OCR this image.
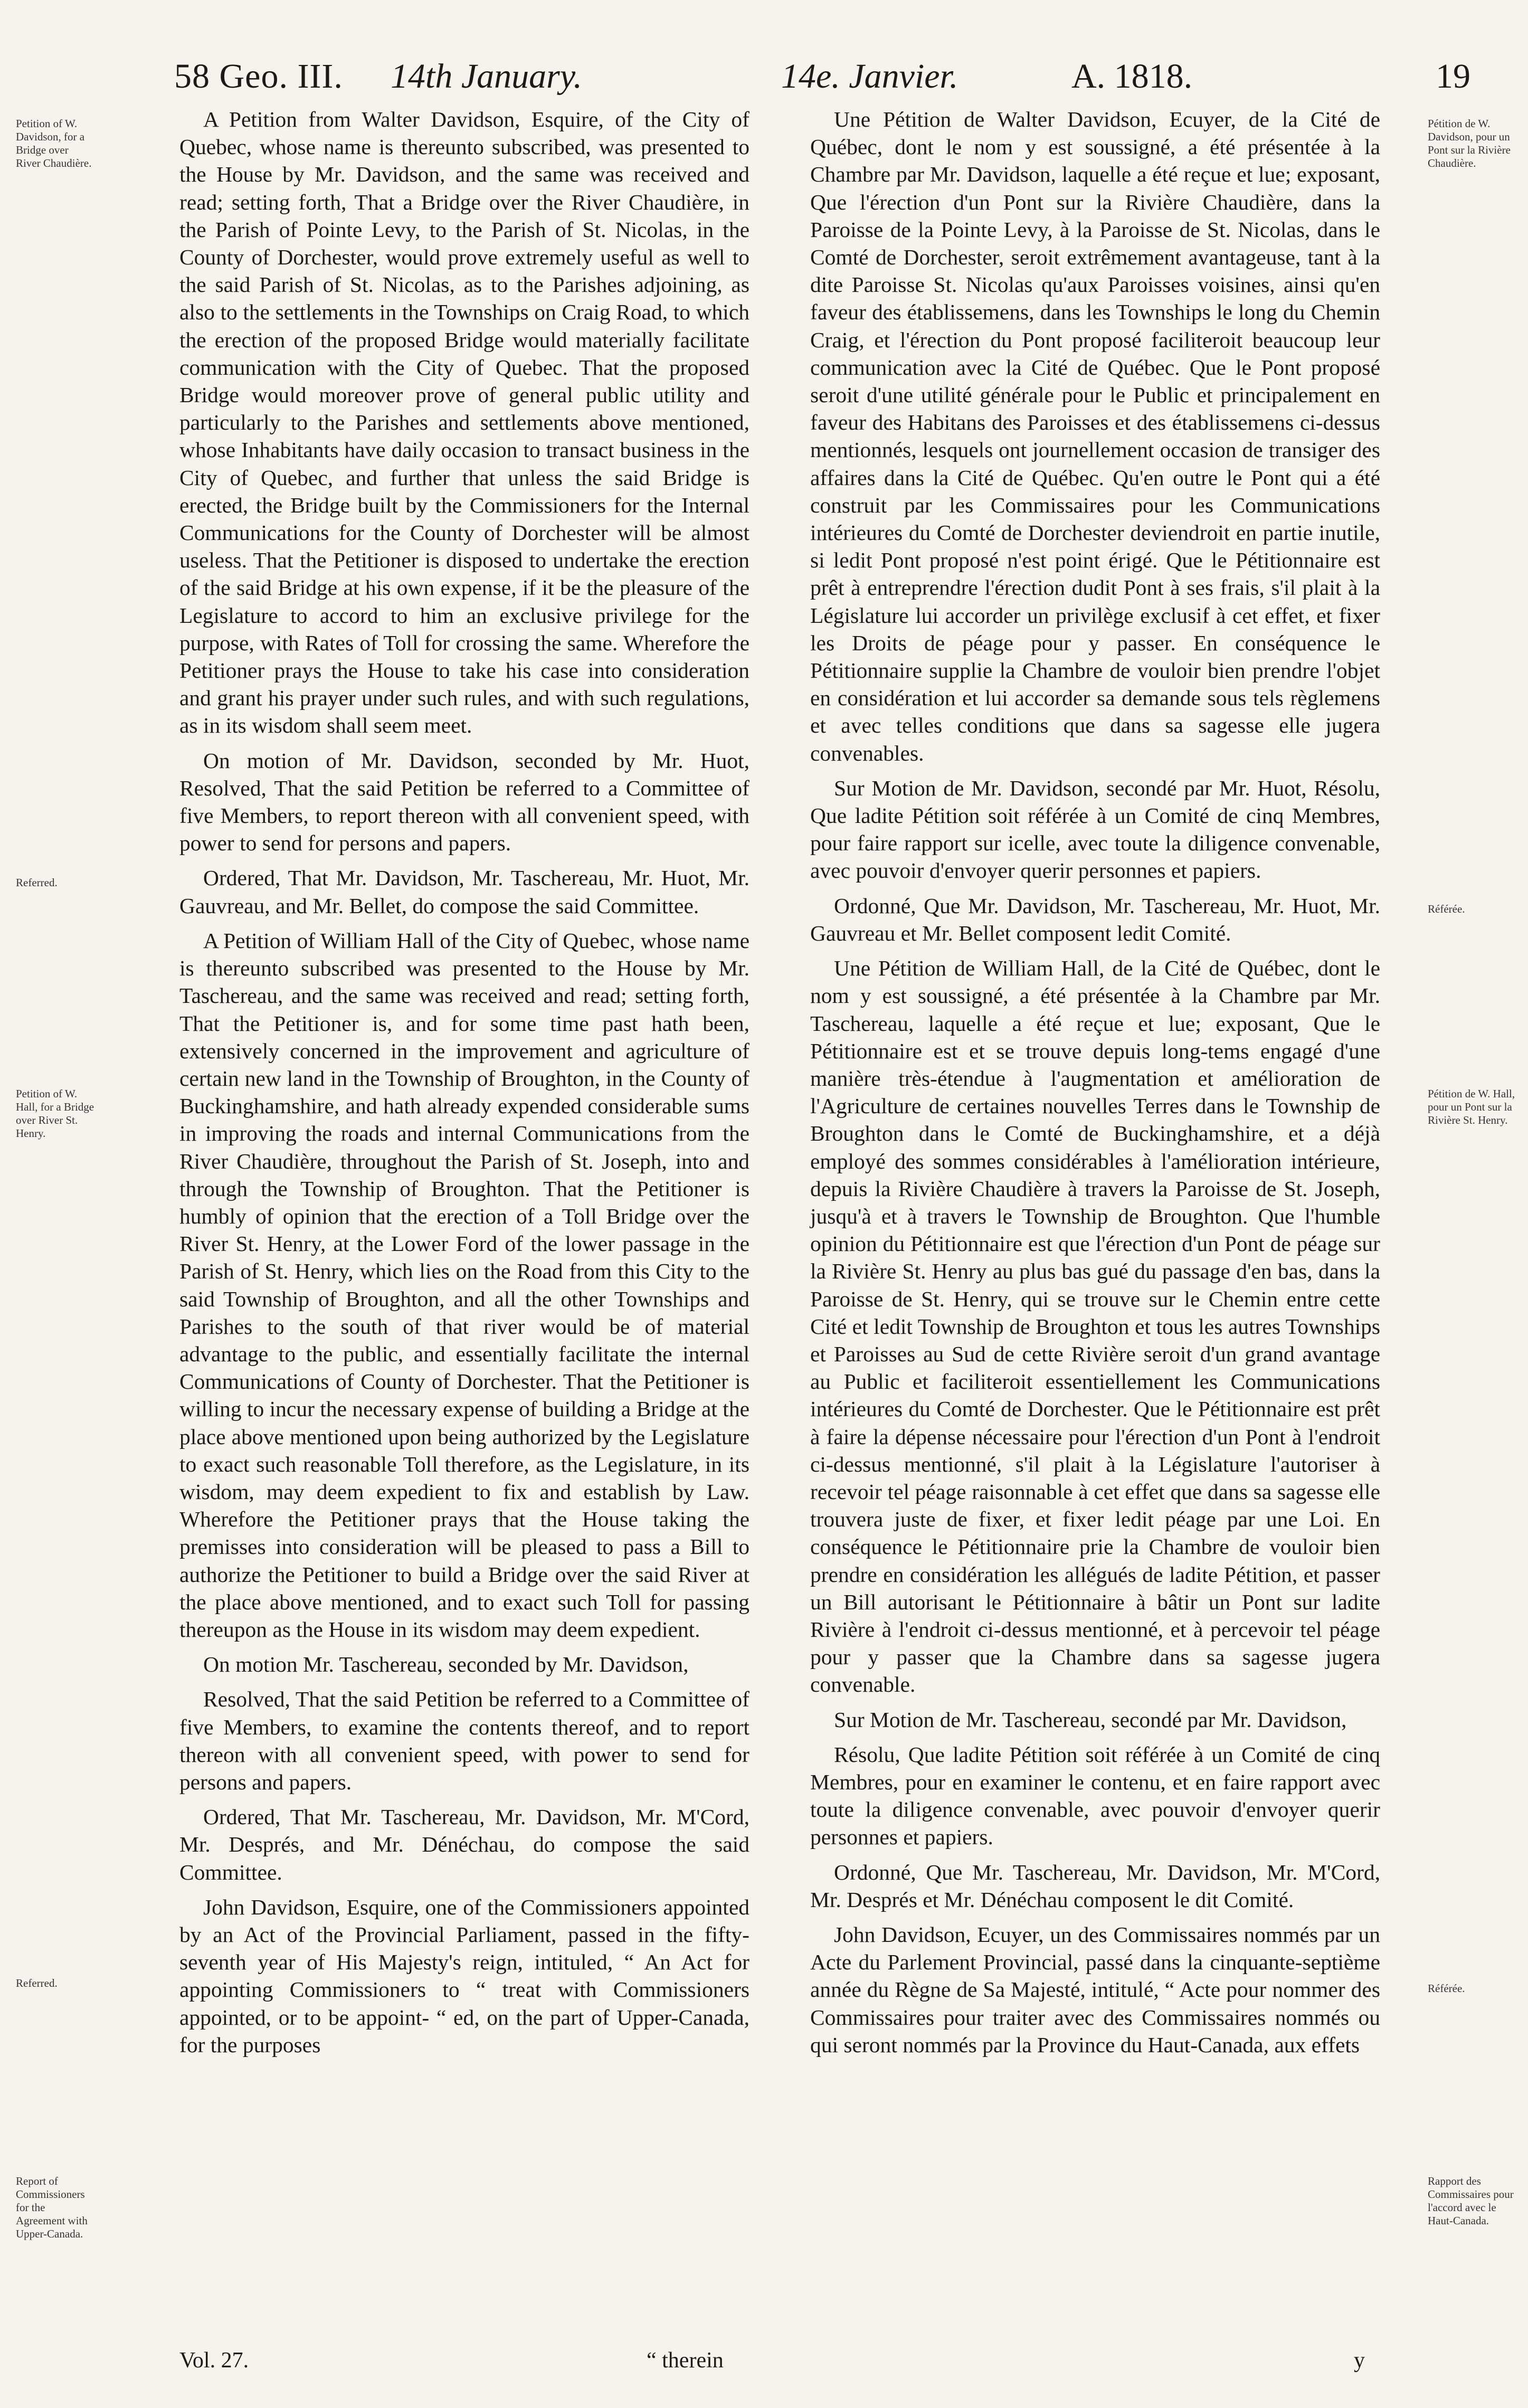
58 Geo. III. 14th January.	14e. Janvier.	A. 1818.	19

A Petition from Walter Davidson, Esquire, of the City of Quebec, whose name is thereunto subscribed, was presented to the House by Mr. Davidson, and the same was received and read; setting forth, That a Bridge over the River Chaudière, in the Parish of Pointe Levy, to the Parish of St. Nicolas, in the County of Dorchester, would prove extremely useful as well to the said Parish of St. Nicolas, as to the Parishes adjoining, as also to the settlements in the Townships on Craig Road, to which the erection of the proposed Bridge would materially facilitate communication with the City of Quebec. That the proposed Bridge would moreover prove of general public utility and particularly to the Parishes and settlements above mentioned, whose Inhabitants have daily occasion to transact business in the City of Quebec, and further that unless the said Bridge is erected, the Bridge built by the Commissioners for the Internal Communications for the County of Dorchester will be almost useless. That the Petitioner is disposed to undertake the erection of the said Bridge at his own expense, if it be the pleasure of the Legislature to accord to him an exclusive privilege for the purpose, with Rates of Toll for crossing the same. Wherefore the Petitioner prays the House to take his case into consideration and grant his prayer under such rules, and with such regulations, as in its wisdom shall seem meet.

On motion of Mr. Davidson, seconded by Mr. Huot, Resolved, That the said Petition be referred to a Committee of five Members, to report thereon with all convenient speed, with power to send for persons and papers.

Ordered, That Mr. Davidson, Mr. Taschereau, Mr. Huot, Mr. Gauvreau, and Mr. Bellet, do compose the said Committee.

A Petition of William Hall of the City of Quebec, whose name is thereunto subscribed was presented to the House by Mr. Taschereau, and the same was received and read; setting forth, That the Petitioner is, and for some time past hath been, extensively concerned in the improvement and agriculture of certain new land in the Township of Broughton, in the County of Buckinghamshire, and hath already expended considerable sums in improving the roads and internal Communications from the River Chaudière, throughout the Parish of St. Joseph, into and through the Township of Broughton. That the Petitioner is humbly of opinion that the erection of a Toll Bridge over the River St. Henry, at the Lower Ford of the lower passage in the Parish of St. Henry, which lies on the Road from this City to the said Township of Broughton, and all the other Townships and Parishes to the south of that river would be of material advantage to the public, and essentially facilitate the internal Communications of County of Dorchester. That the Petitioner is willing to incur the necessary expense of building a Bridge at the place above mentioned upon being authorized by the Legislature to exact such reasonable Toll therefore, as the Legislature, in its wisdom, may deem expedient to fix and establish by Law. Wherefore the Petitioner prays that the House taking the premisses into consideration will be pleased to pass a Bill to authorize the Petitioner to build a Bridge over the said River at the place above mentioned, and to exact such Toll for passing thereupon as the House in its wisdom may deem expedient.

On motion Mr. Taschereau, seconded by Mr. Davidson,

Resolved, That the said Petition be referred to a Committee of five Members, to examine the contents thereof, and to report thereon with all convenient speed, with power to send for persons and papers.

Ordered, That Mr. Taschereau, Mr. Davidson, Mr. M'Cord, Mr. Després, and Mr. Dénéchau, do compose the said Committee.

John Davidson, Esquire, one of the Commissioners appointed by an Act of the Provincial Parliament, passed in the fifty-seventh year of His Majesty's reign, intituled, “ An Act for appointing Commissioners to “ treat with Commissioners appointed, or to be appoint- “ ed, on the part of Upper-Canada, for the purposes

Une Pétition de Walter Davidson, Ecuyer, de la Cité de Québec, dont le nom y est soussigné, a été présentée à la Chambre par Mr. Davidson, laquelle a été reçue et lue; exposant, Que l'érection d'un Pont sur la Rivière Chaudière, dans la Paroisse de la Pointe Levy, à la Paroisse de St. Nicolas, dans le Comté de Dorchester, seroit extrêmement avantageuse, tant à la dite Paroisse St. Nicolas qu'aux Paroisses voisines, ainsi qu'en faveur des établissemens, dans les Townships le long du Chemin Craig, et l'érection du Pont proposé faciliteroit beaucoup leur communication avec la Cité de Québec. Que le Pont proposé seroit d'une utilité générale pour le Public et principalement en faveur des Habitans des Paroisses et des établissemens ci-dessus mentionnés, lesquels ont journellement occasion de transiger des affaires dans la Cité de Québec. Qu'en outre le Pont qui a été construit par les Commissaires pour les Communications intérieures du Comté de Dorchester deviendroit en partie inutile, si ledit Pont proposé n'est point érigé. Que le Pétitionnaire est prêt à entreprendre l'érection dudit Pont à ses frais, s'il plait à la Législature lui accorder un privilège exclusif à cet effet, et fixer les Droits de péage pour y passer. En conséquence le Pétitionnaire supplie la Chambre de vouloir bien prendre l'objet en considération et lui accorder sa demande sous tels règlemens et avec telles conditions que dans sa sagesse elle jugera convenables.

Sur Motion de Mr. Davidson, secondé par Mr. Huot, Résolu, Que ladite Pétition soit référée à un Comité de cinq Membres, pour faire rapport sur icelle, avec toute la diligence convenable, avec pouvoir d'envoyer querir personnes et papiers.

Ordonné, Que Mr. Davidson, Mr. Taschereau, Mr. Huot, Mr. Gauvreau et Mr. Bellet composent ledit Comité.

Une Pétition de William Hall, de la Cité de Québec, dont le nom y est soussigné, a été présentée à la Chambre par Mr. Taschereau, laquelle a été reçue et lue; exposant, Que le Pétitionnaire est et se trouve depuis long-tems engagé d'une manière très-étendue à l'augmentation et amélioration de l'Agriculture de certaines nouvelles Terres dans le Township de Broughton dans le Comté de Buckinghamshire, et a déjà employé des sommes considérables à l'amélioration intérieure, depuis la Rivière Chaudière à travers la Paroisse de St. Joseph, jusqu'à et à travers le Township de Broughton. Que l'humble opinion du Pétitionnaire est que l'érection d'un Pont de péage sur la Rivière St. Henry au plus bas gué du passage d'en bas, dans la Paroisse de St. Henry, qui se trouve sur le Chemin entre cette Cité et ledit Township de Broughton et tous les autres Townships et Paroisses au Sud de cette Rivière seroit d'un grand avantage au Public et faciliteroit essentiellement les Communications intérieures du Comté de Dorchester. Que le Pétitionnaire est prêt à faire la dépense nécessaire pour l'érection d'un Pont à l'endroit ci-dessus mentionné, s'il plait à la Législature l'autoriser à recevoir tel péage raisonnable à cet effet que dans sa sagesse elle trouvera juste de fixer, et fixer ledit péage par une Loi. En conséquence le Pétitionnaire prie la Chambre de vouloir bien prendre en considération les allégués de ladite Pétition, et passer un Bill autorisant le Pétitionnaire à bâtir un Pont sur ladite Rivière à l'endroit ci-dessus mentionné, et à percevoir tel péage pour y passer que la Chambre dans sa sagesse jugera convenable.

Sur Motion de Mr. Taschereau, secondé par Mr. Davidson,

Résolu, Que ladite Pétition soit référée à un Comité de cinq Membres, pour en examiner le contenu, et en faire rapport avec toute la diligence convenable, avec pouvoir d'envoyer querir personnes et papiers.

Ordonné, Que Mr. Taschereau, Mr. Davidson, Mr. M'Cord, Mr. Després et Mr. Dénéchau composent le dit Comité.

John Davidson, Ecuyer, un des Commissaires nommés par un Acte du Parlement Provincial, passé dans la cinquante-septième année du Règne de Sa Majesté, intitulé, “ Acte pour nommer des Commissaires pour traiter avec des Commissaires nommés ou qui seront nommés par la Province du Haut-Canada, aux effets

Petition of W. Davidson, for a Bridge over River Chaudière.
Referred.
Petition of W. Hall, for a Bridge over River St. Henry.
Referred.
Report of Commissioners for the Agreement with Upper-Canada.
Pétition de W. Davidson, pour un Pont sur la Rivière Chaudière.
Référée.
Pétition de W. Hall, pour un Pont sur la Rivière St. Henry.
Référée.
Rapport des Commissaires pour l'accord avec le Haut-Canada.
Vol. 27.	“ therein	y
